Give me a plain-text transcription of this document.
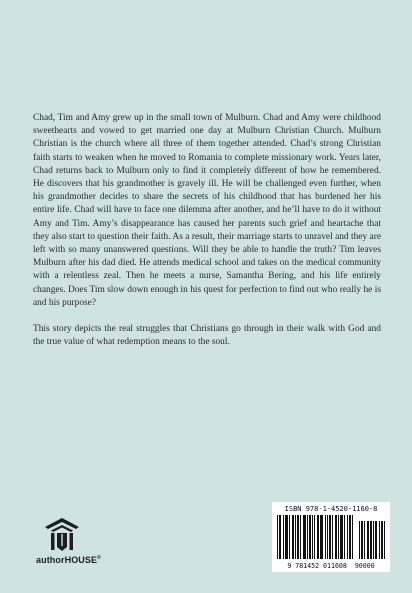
Chad, Tim and Amy grew up in the small town of Mulburn. Chad and Amy were childhood sweethearts and vowed to get married one day at Mulburn Christian Church. Mulburn Christian is the church where all three of them together attended. Chad’s strong Christian faith starts to weaken when he moved to Romania to complete missionary work. Years later, Chad returns back to Mulburn only to find it completely different of how he remembered. He discovers that his grandmother is gravely ill. He will be challenged even further, when his grandmother decides to share the secrets of his childhood that has burdened her his entire life. Chad will have to face one dilemma after another, and he’ll have to do it without Amy and Tim. Amy’s disappearance has caused her parents such grief and heartache that they also start to question their faith. As a result, their marriage starts to unravel and they are left with so many unanswered questions. Will they be able to handle the truth? Tim leaves Mulburn after his dad died. He attends medical school and takes on the medical community with a relentless zeal. Then he meets a nurse, Samantha Bering, and his life entirely changes. Does Tim slow down enough in his quest for perfection to find out who really he is and his purpose?

This story depicts the real struggles that Christians go through in their walk with God and the true value of what redemption means to the soul.

authorHOUSE®
ISBN 978-1-4520-1160-8
9 781452 011608 90000
